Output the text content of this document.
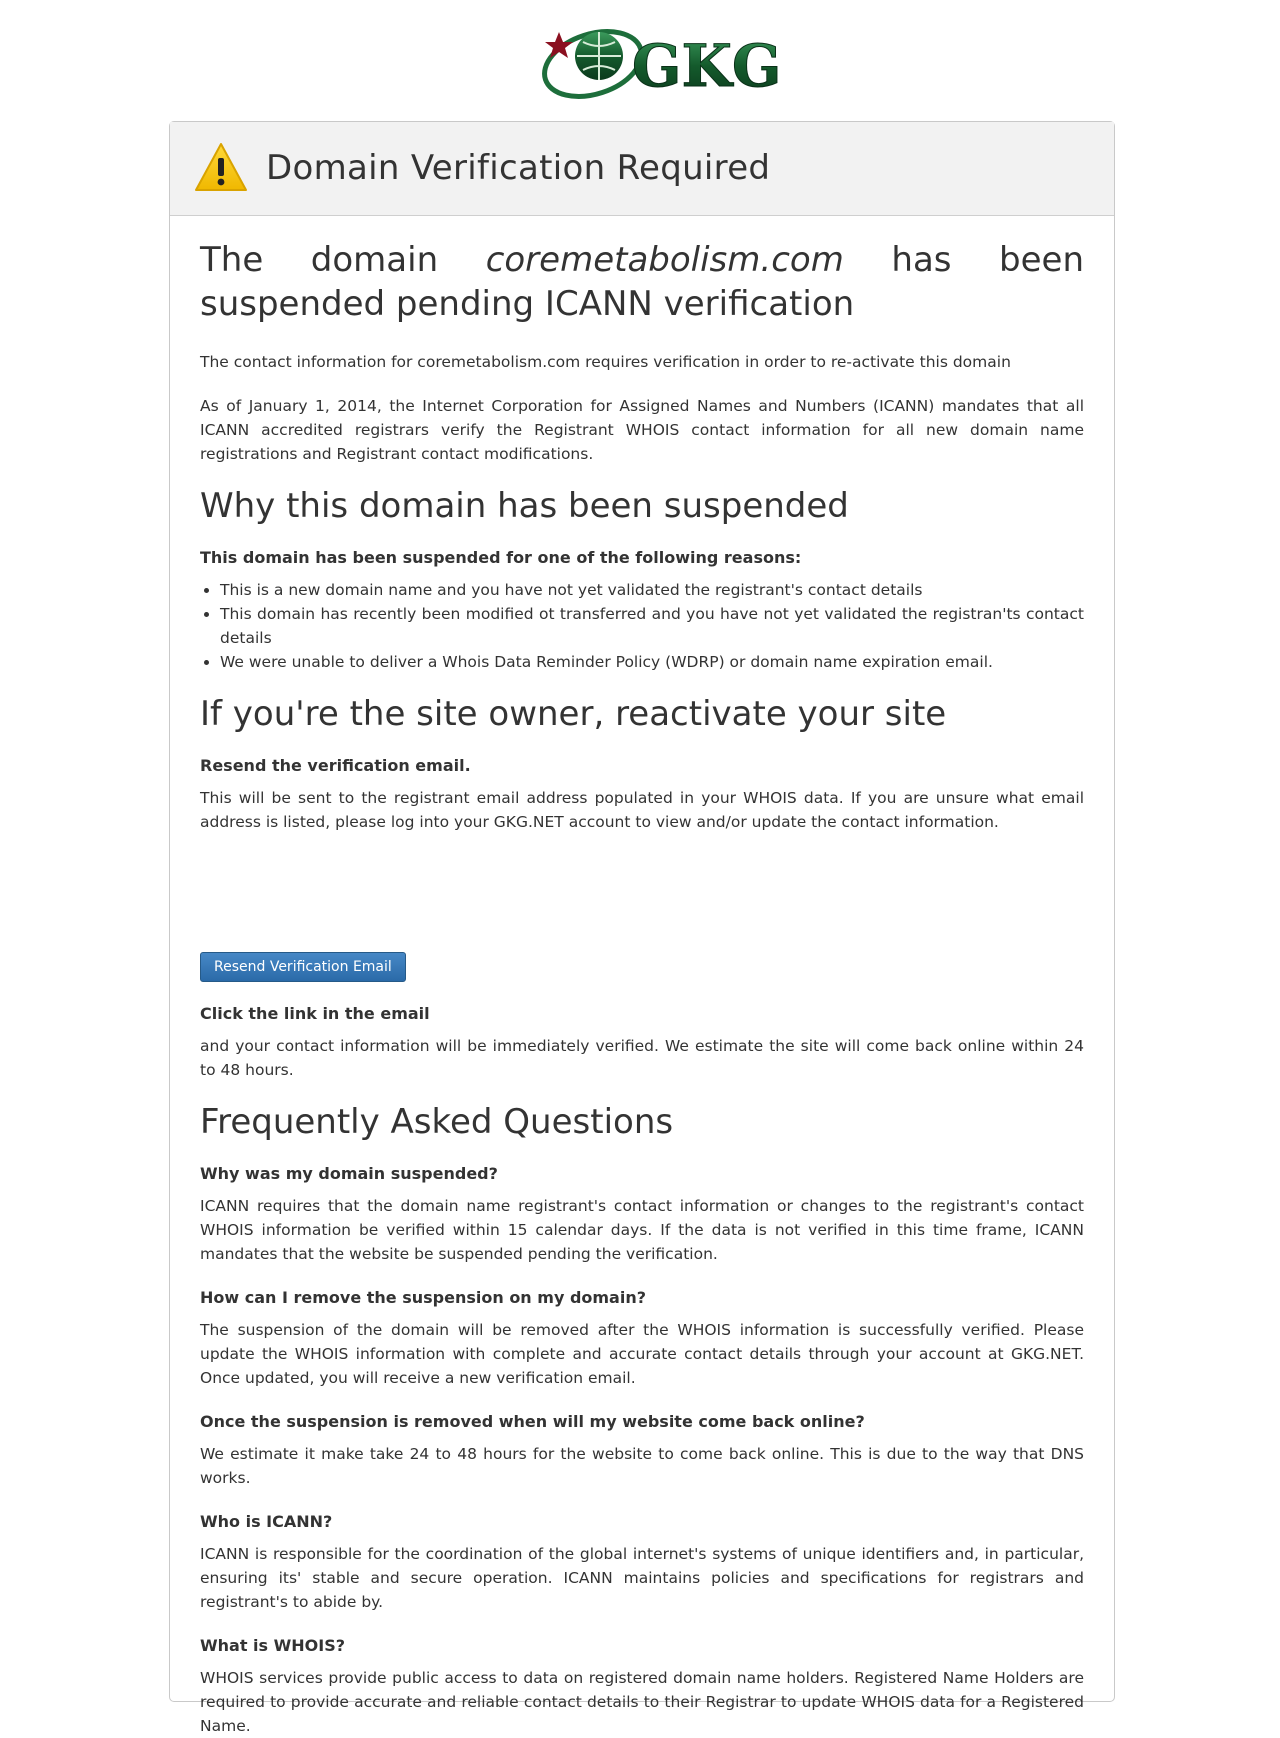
GKG
Domain Verification Required
The domain coremetabolism.com has been suspended pending ICANN verification

The contact information for coremetabolism.com requires verification in order to re-activate this domain

As of January 1, 2014, the Internet Corporation for Assigned Names and Numbers (ICANN) mandates that all ICANN accredited registrars verify the Registrant WHOIS contact information for all new domain name registrations and Registrant contact modifications.

Why this domain has been suspended
This domain has been suspended for one of the following reasons:
• This is a new domain name and you have not yet validated the registrant's contact details
• This domain has recently been modified ot transferred and you have not yet validated the registran'ts contact details
• We were unable to deliver a Whois Data Reminder Policy (WDRP) or domain name expiration email.
If you're the site owner, reactivate your site
Resend the verification email.

This will be sent to the registrant email address populated in your WHOIS data. If you are unsure what email address is listed, please log into your GKG.NET account to view and/or update the contact information.

Resend Verification Email
Click the link in the email

and your contact information will be immediately verified. We estimate the site will come back online within 24 to 48 hours.

Frequently Asked Questions
Why was my domain suspended?

ICANN requires that the domain name registrant's contact information or changes to the registrant's contact WHOIS information be verified within 15 calendar days. If the data is not verified in this time frame, ICANN mandates that the website be suspended pending the verification.

How can I remove the suspension on my domain?

The suspension of the domain will be removed after the WHOIS information is successfully verified. Please update the WHOIS information with complete and accurate contact details through your account at GKG.NET. Once updated, you will receive a new verification email.

Once the suspension is removed when will my website come back online?

We estimate it make take 24 to 48 hours for the website to come back online. This is due to the way that DNS works.

Who is ICANN?

ICANN is responsible for the coordination of the global internet's systems of unique identifiers and, in particular, ensuring its' stable and secure operation. ICANN maintains policies and specifications for registrars and registrant's to abide by.

What is WHOIS?

WHOIS services provide public access to data on registered domain name holders. Registered Name Holders are required to provide accurate and reliable contact details to their Registrar to update WHOIS data for a Registered Name.
